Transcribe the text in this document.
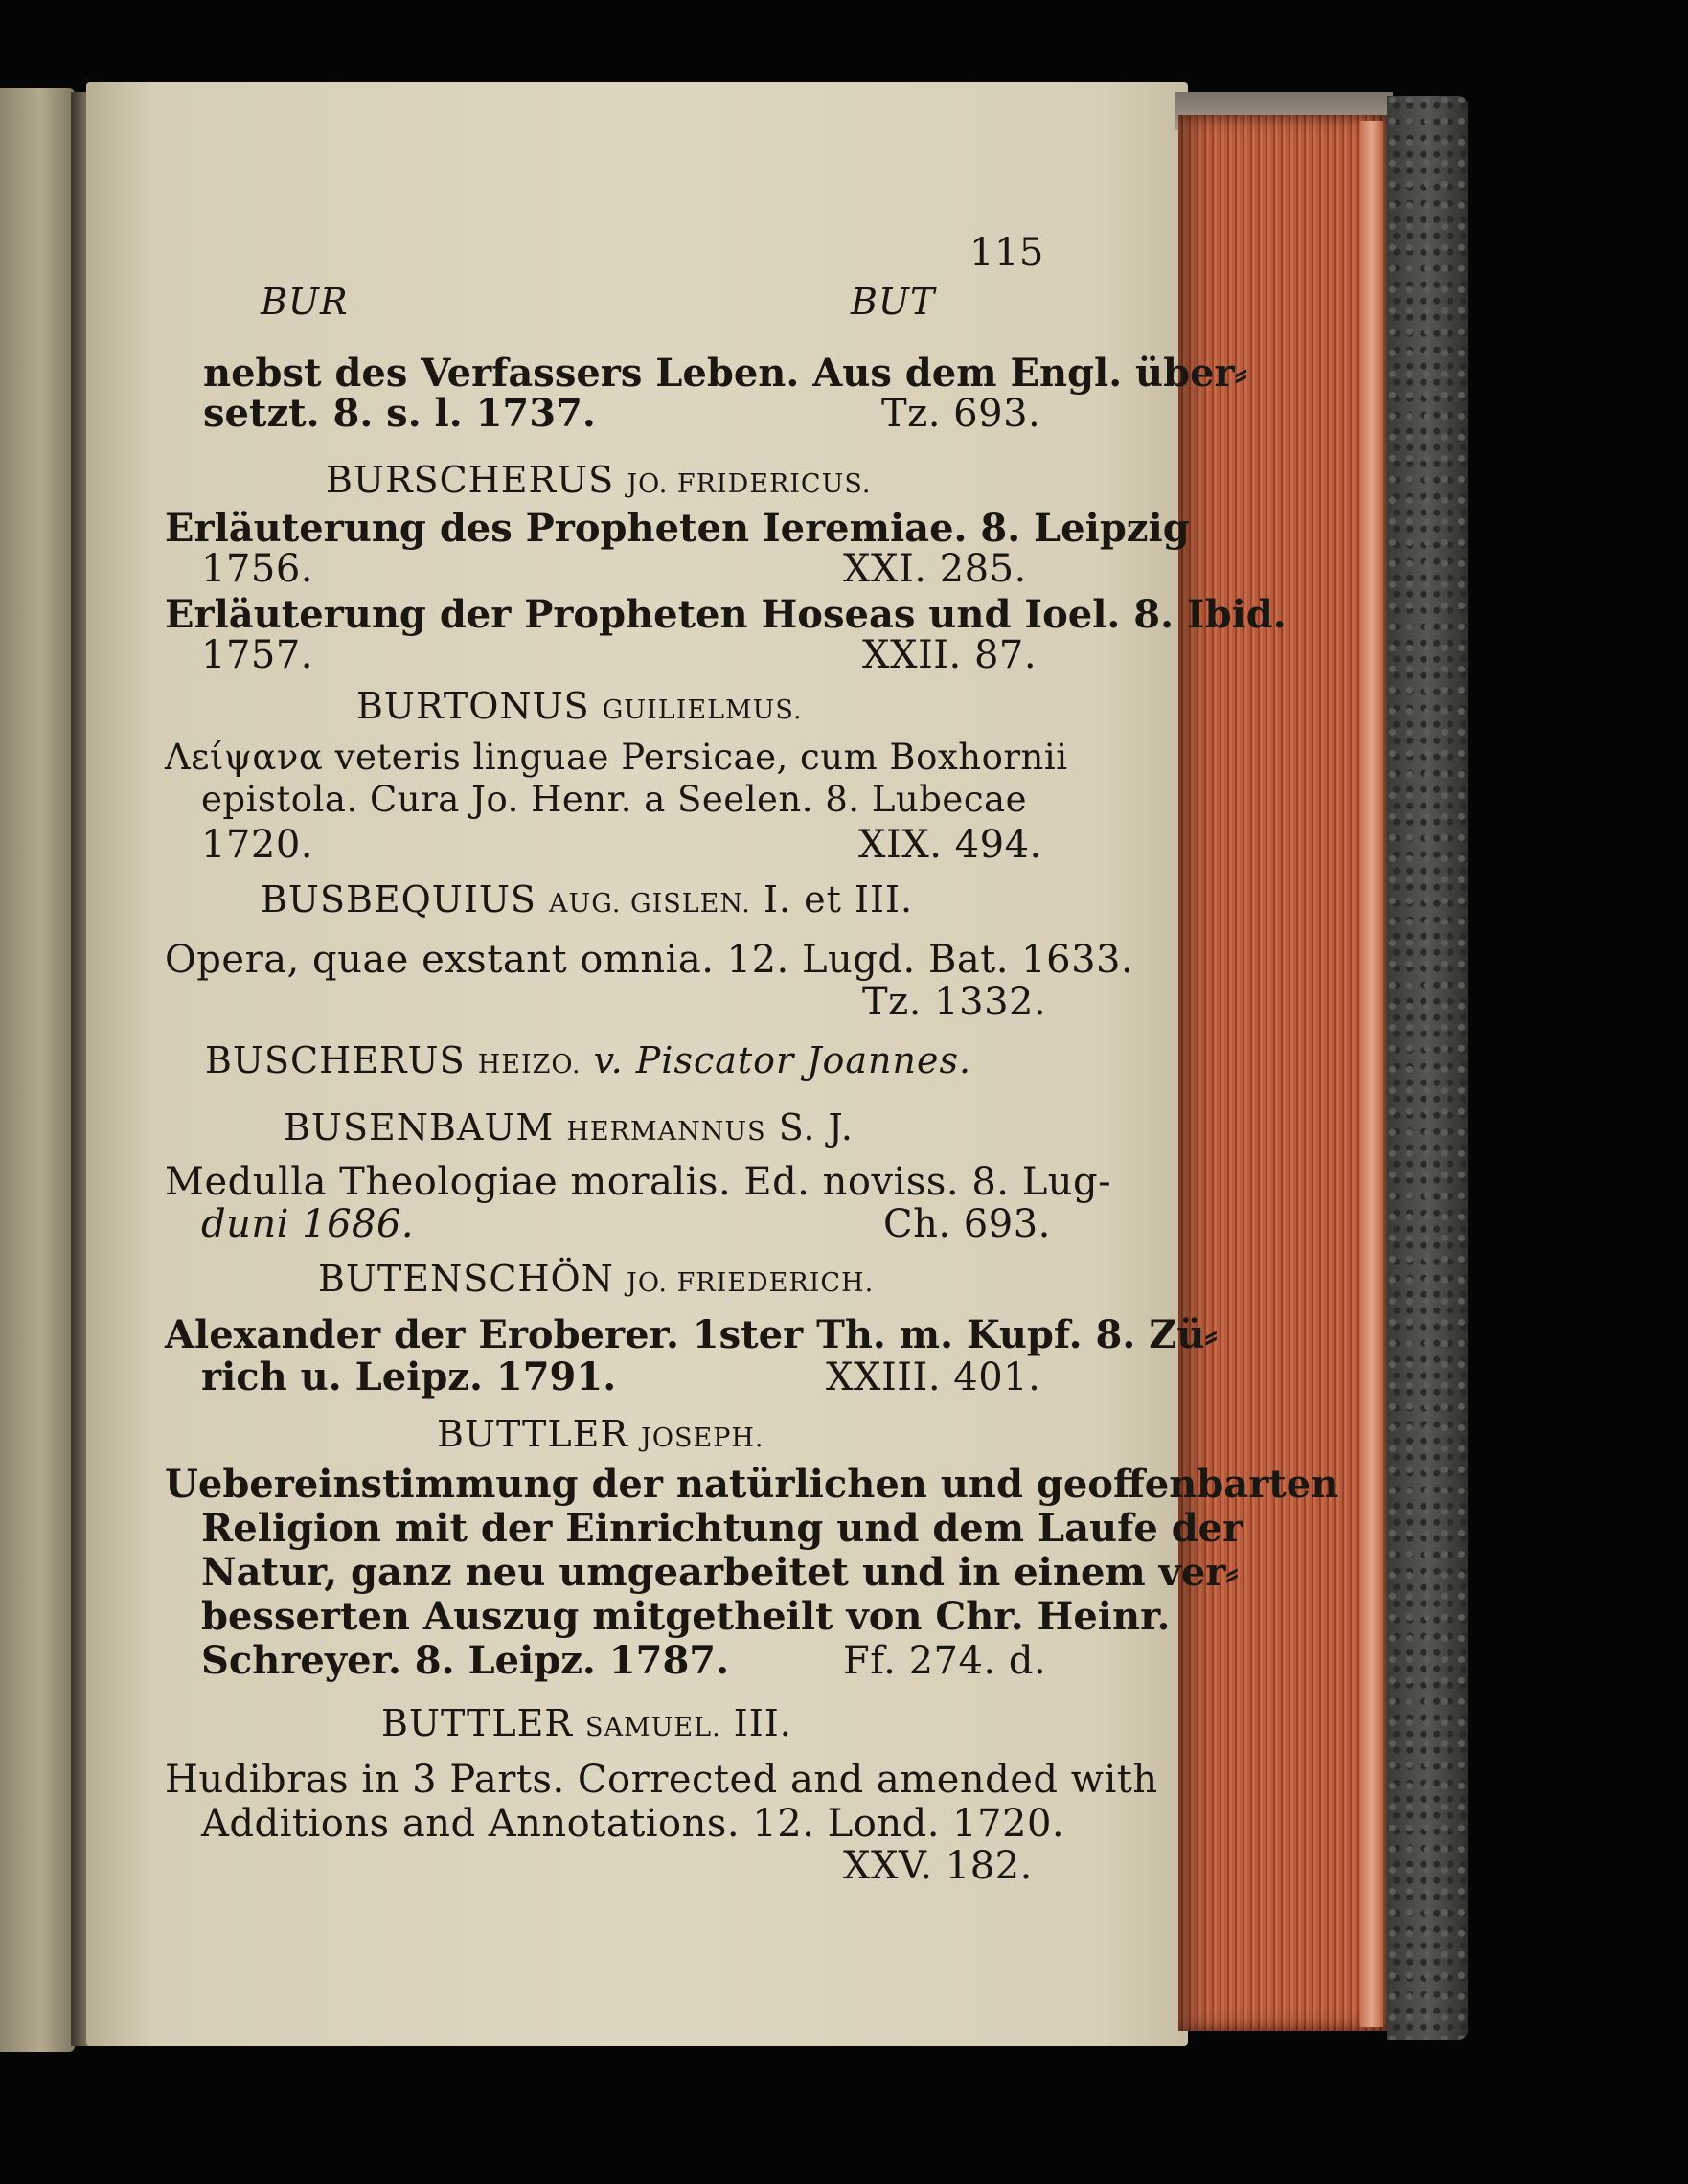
115

BUR	BUT

nebst des Verfassers Leben. Aus dem Engl. über⸗

setzt. 8. s. l. 1737.	Tz. 693.

BURSCHERUS JO. FRIDERICUS.

Erläuterung des Propheten Ieremiae. 8. Leipzig

1756.	XXI. 285.

Erläuterung der Propheten Hoseas und Ioel. 8. Ibid.

1757.	XXII. 87.

BURTONUS GUILIELMUS.

Λείψανα veteris linguae Persicae, cum Boxhornii

epistola. Cura Jo. Henr. a Seelen. 8. Lubecae

1720.	XIX. 494.

BUSBEQUIUS AUG. GISLEN. I. et III.

Opera, quae exstant omnia. 12. Lugd. Bat. 1633.

Tz. 1332.

BUSCHERUS HEIZO. v. Piscator Joannes.

BUSENBAUM HERMANNUS S. J.

Medulla Theologiae moralis. Ed. noviss. 8. Lug-

duni 1686.	Ch. 693.

BUTENSCHÖN JO. FRIEDERICH.

Alexander der Eroberer. 1ster Th. m. Kupf. 8. Zü⸗

rich u. Leipz. 1791.	XXIII. 401.

BUTTLER JOSEPH.

Uebereinstimmung der natürlichen und geoffenbarten

Religion mit der Einrichtung und dem Laufe der

Natur, ganz neu umgearbeitet und in einem ver⸗

besserten Auszug mitgetheilt von Chr. Heinr.

Schreyer. 8. Leipz. 1787.	Ff. 274. d.

BUTTLER SAMUEL. III.

Hudibras in 3 Parts. Corrected and amended with

Additions and Annotations. 12. Lond. 1720.

XXV. 182.
